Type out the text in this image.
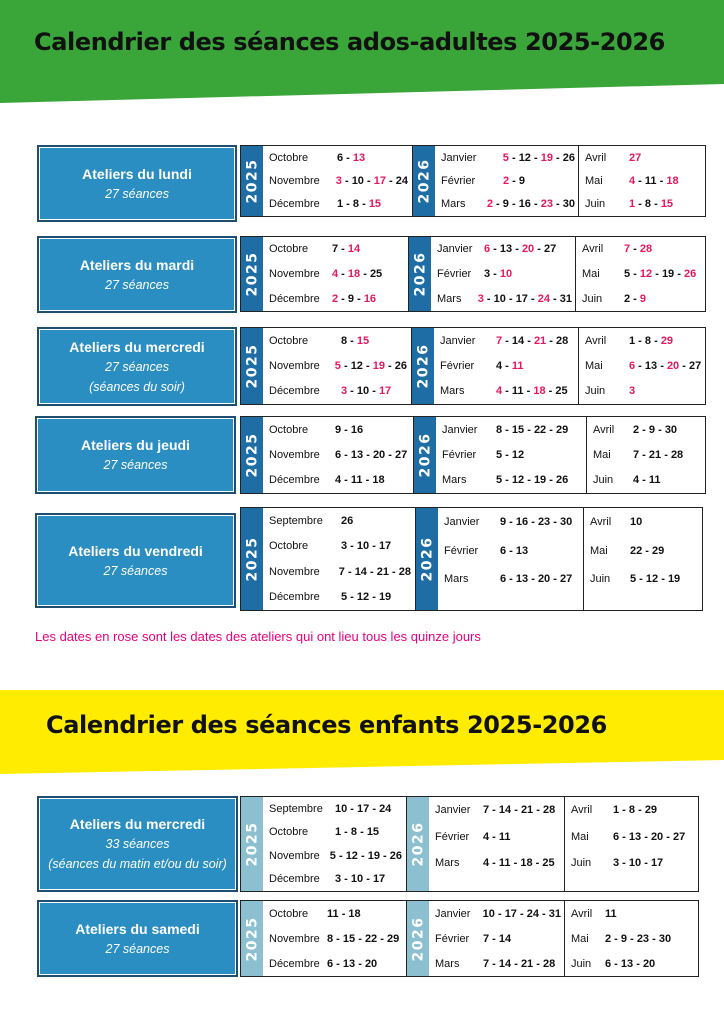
Calendrier des séances ados-adultes 2025-2026
Calendrier des séances enfants 2025-2026
Les dates en rose sont les dates des ateliers qui ont lieu tous les quinze jours
Ateliers du lundi
27 séances	2025
Octobre	6 - 13
Novembre	3 - 10 - 17 - 24
Décembre	1 - 8 - 15
2026
Janvier	5 - 12 - 19 - 26
Février	2 - 9
Mars	2 - 9 - 16 - 23 - 30
Avril	27
Mai	4 - 11 - 18
Juin	1 - 8 - 15
Ateliers du mardi
27 séances	2025
Octobre	7 - 14
Novembre	4 - 18 - 25
Décembre	2 - 9 - 16
2026
Janvier	6 - 13 - 20 - 27
Février	3 - 10
Mars	3 - 10 - 17 - 24 - 31
Avril	7 - 28
Mai	5 - 12 - 19 - 26
Juin	2 - 9
Ateliers du mercredi
27 séances
(séances du soir)	2025
Octobre	8 - 15
Novembre	5 - 12 - 19 - 26
Décembre	3 - 10 - 17
2026
Janvier	7 - 14 - 21 - 28
Février	4 - 11
Mars	4 - 11 - 18 - 25
Avril	1 - 8 - 29
Mai	6 - 13 - 20 - 27
Juin	3
Ateliers du jeudi
27 séances	2025
Octobre	9 - 16
Novembre	6 - 13 - 20 - 27
Décembre	4 - 11 - 18
2026
Janvier	8 - 15 - 22 - 29
Février	5 - 12
Mars	5 - 12 - 19 - 26
Avril	2 - 9 - 30
Mai	7 - 21 - 28
Juin	4 - 11
Ateliers du vendredi
27 séances	2025
Septembre	26
Octobre	3 - 10 - 17
Novembre	7 - 14 - 21 - 28
Décembre	5 - 12 - 19
2026
Janvier	9 - 16 - 23 - 30
Février	6 - 13
Mars	6 - 13 - 20 - 27
Avril	10
Mai	22 - 29
Juin	5 - 12 - 19
Ateliers du mercredi
33 séances
(séances du matin et/ou du soir) 2025
Septembre	10 - 17 - 24
Octobre	1 - 8 - 15
Novembre 5 - 12 - 19 - 26
Décembre	3 - 10 - 17
2026
Janvier	7 - 14 - 21 - 28
Février	4 - 11
Mars	4 - 11 - 18 - 25
Avril	1 - 8 - 29
Mai	6 - 13 - 20 - 27
Juin	3 - 10 - 17
Ateliers du samedi
27 séances	2025
Octobre	11 - 18
Novembre 8 - 15 - 22 - 29
Décembre 6 - 13 - 20
2026
Janvier	10 - 17 - 24 - 31
Février	7 - 14
Mars	7 - 14 - 21 - 28
Avril	11
Mai	2 - 9 - 23 - 30
Juin	6 - 13 - 20
